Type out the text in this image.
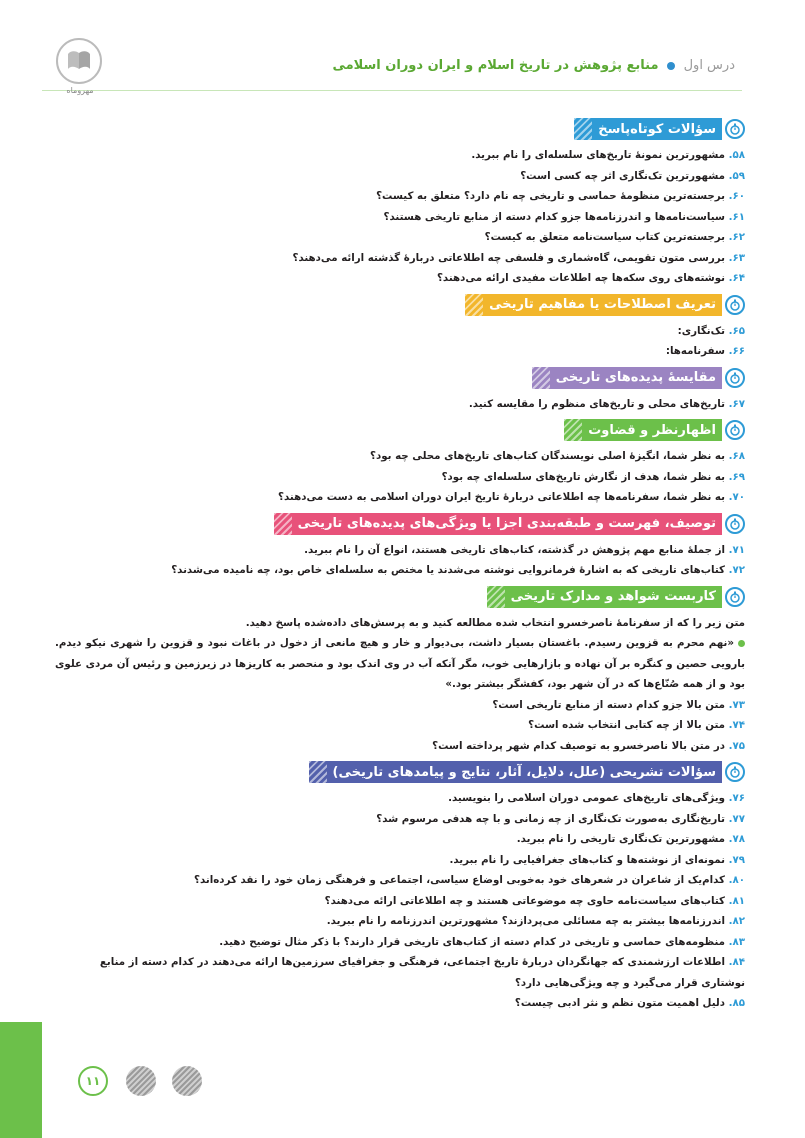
مهروماه
درس اول  منابع پژوهش در تاریخ اسلام و ایران دوران اسلامی
سؤالات کوتاه‌پاسخ
۵۸. مشهورترین نمونۀ تاریخ‌های سلسله‌ای را نام ببرید.
۵۹. مشهورترین تک‌نگاری اثر چه کسی است؟
۶۰. برجسته‌ترین منظومۀ حماسی و تاریخی چه نام دارد؟ متعلق به کیست؟
۶۱. سیاست‌نامه‌ها و اندرزنامه‌ها جزو کدام دسته از منابع تاریخی هستند؟
۶۲. برجسته‌ترین کتاب سیاست‌نامه متعلق به کیست؟
۶۳. بررسی متون تقویمی، گاه‌شماری و فلسفی چه اطلاعاتی دربارۀ گذشته ارائه می‌دهند؟
۶۴. نوشته‌های روی سکه‌ها چه اطلاعات مفیدی ارائه می‌دهند؟
تعریف اصطلاحات یا مفاهیم تاریخی
۶۵. تک‌نگاری:
۶۶. سفرنامه‌ها:
مقایسۀ پدیده‌های تاریخی
۶۷. تاریخ‌های محلی و تاریخ‌های منظوم را مقایسه کنید.
اظهارنظر و قضاوت
۶۸. به نظر شما، انگیزۀ اصلی نویسندگان کتاب‌های تاریخ‌های محلی چه بود؟
۶۹. به نظر شما، هدف از نگارش تاریخ‌های سلسله‌ای چه بود؟
۷۰. به نظر شما، سفرنامه‌ها چه اطلاعاتی دربارۀ تاریخ ایران دوران اسلامی به دست می‌دهند؟
توصیف، فهرست و طبقه‌بندی اجزا یا ویژگی‌های پدیده‌های تاریخی
۷۱. از جملۀ منابع مهم پژوهش در گذشته، کتاب‌های تاریخی هستند، انواع آن را نام ببرید.
۷۲. کتاب‌های تاریخی که به اشارۀ فرمانروایی نوشته می‌شدند یا مختص به سلسله‌ای خاص بود، چه نامیده می‌شدند؟
کاربست شواهد و مدارک تاریخی
متن زیر را که از سفرنامۀ ناصرخسرو انتخاب شده مطالعه کنید و به پرسش‌های داده‌شده پاسخ دهید.
«نهم محرم به قزوین رسیدم. باغستان بسیار داشت، بی‌دیوار و خار و هیچ مانعی از دخول در باغات نبود و قزوین را شهری نیکو دیدم. بارویی حصین و کنگره بر آن نهاده و بازارهایی خوب، مگر آنکه آب در وی اندک بود و منحصر به کاریزها در زیرزمین و رئیس آن مردی علوی بود و از همه صُنّاع‌ها که در آن شهر بود، کفشگر بیشتر بود.»
۷۳. متن بالا جزو کدام دسته از منابع تاریخی است؟
۷۴. متن بالا از چه کتابی انتخاب شده است؟
۷۵. در متن بالا ناصرخسرو به توصیف کدام شهر پرداخته است؟
سؤالات تشریحی (علل، دلایل، آثار، نتایج و پیامدهای تاریخی)
۷۶. ویژگی‌های تاریخ‌های عمومی دوران اسلامی را بنویسید.
۷۷. تاریخ‌نگاری به‌صورت تک‌نگاری از چه زمانی و با چه هدفی مرسوم شد؟
۷۸. مشهورترین تک‌نگاری تاریخی را نام ببرید.
۷۹. نمونه‌ای از نوشته‌ها و کتاب‌های جغرافیایی را نام ببرید.
۸۰. کدام‌یک از شاعران در شعرهای خود به‌خوبی اوضاع سیاسی، اجتماعی و فرهنگی زمان خود را نقد کرده‌اند؟
۸۱. کتاب‌های سیاست‌نامه حاوی چه موضوعاتی هستند و چه اطلاعاتی ارائه می‌دهند؟
۸۲. اندرزنامه‌ها بیشتر به چه مسائلی می‌پردازند؟ مشهورترین اندرزنامه را نام ببرید.
۸۳. منظومه‌های حماسی و تاریخی در کدام دسته از کتاب‌های تاریخی قرار دارند؟ با ذکر مثال توضیح دهید.
۸۴. اطلاعات ارزشمندی که جهانگردان دربارۀ تاریخ اجتماعی، فرهنگی و جغرافیای سرزمین‌ها ارائه می‌دهند در کدام دسته از منابع نوشتاری قرار می‌گیرد و چه ویژگی‌هایی دارد؟
۸۵. دلیل اهمیت متون نظم و نثر ادبی چیست؟
۱۱
